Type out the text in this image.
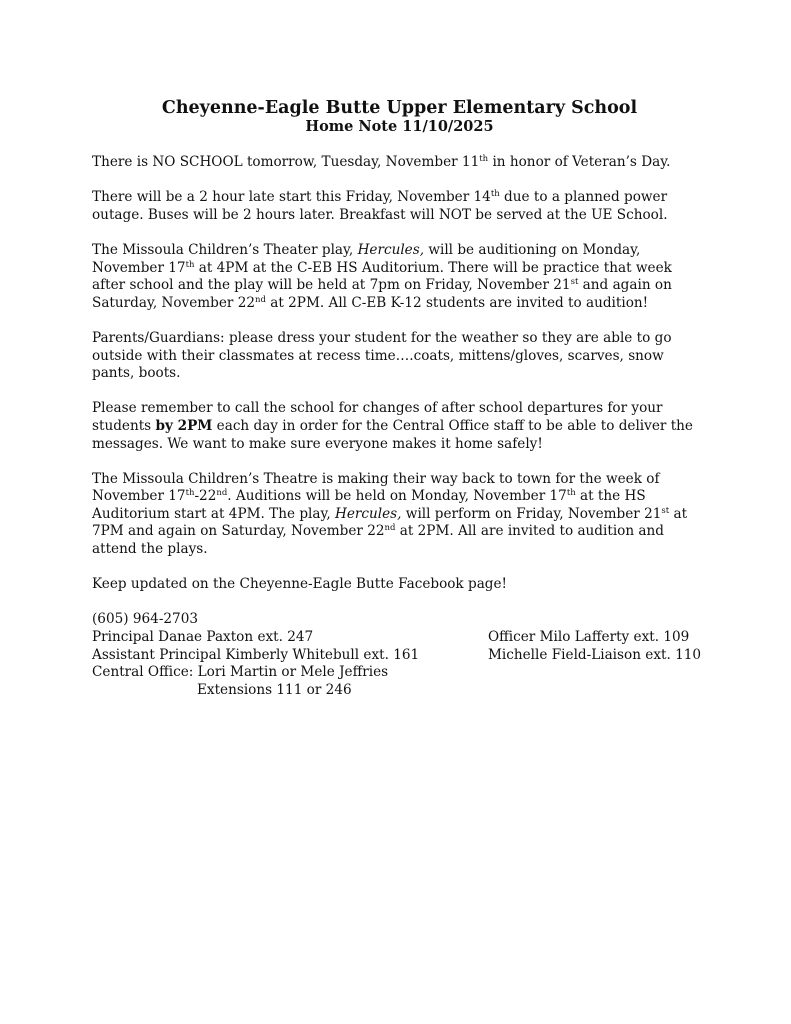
Cheyenne-Eagle Butte Upper Elementary School
Home Note 11/10/2025

There is NO SCHOOL tomorrow, Tuesday, November 11th in honor of Veteran’s Day.

There will be a 2 hour late start this Friday, November 14th due to a planned power outage. Buses will be 2 hours later. Breakfast will NOT be served at the UE School.

The Missoula Children’s Theater play, Hercules, will be auditioning on Monday, November 17th at 4PM at the C-EB HS Auditorium. There will be practice that week after school and the play will be held at 7pm on Friday, November 21st and again on Saturday, November 22nd at 2PM. All C-EB K-12 students are invited to audition!

Parents/Guardians: please dress your student for the weather so they are able to go outside with their classmates at recess time….coats, mittens/gloves, scarves, snow pants, boots.

Please remember to call the school for changes of after school departures for your students by 2PM each day in order for the Central Office staff to be able to deliver the messages. We want to make sure everyone makes it home safely!

The Missoula Children’s Theatre is making their way back to town for the week of November 17th-22nd. Auditions will be held on Monday, November 17th at the HS Auditorium start at 4PM. The play, Hercules, will perform on Friday, November 21st at 7PM and again on Saturday, November 22nd at 2PM. All are invited to audition and attend the plays.

Keep updated on the Cheyenne-Eagle Butte Facebook page!

(605) 964-2703
Principal Danae Paxton ext. 247
Assistant Principal Kimberly Whitebull ext. 161
Central Office: Lori Martin or Mele Jeffries
Extensions 111 or 246
Officer Milo Lafferty ext. 109
Michelle Field-Liaison ext. 110
